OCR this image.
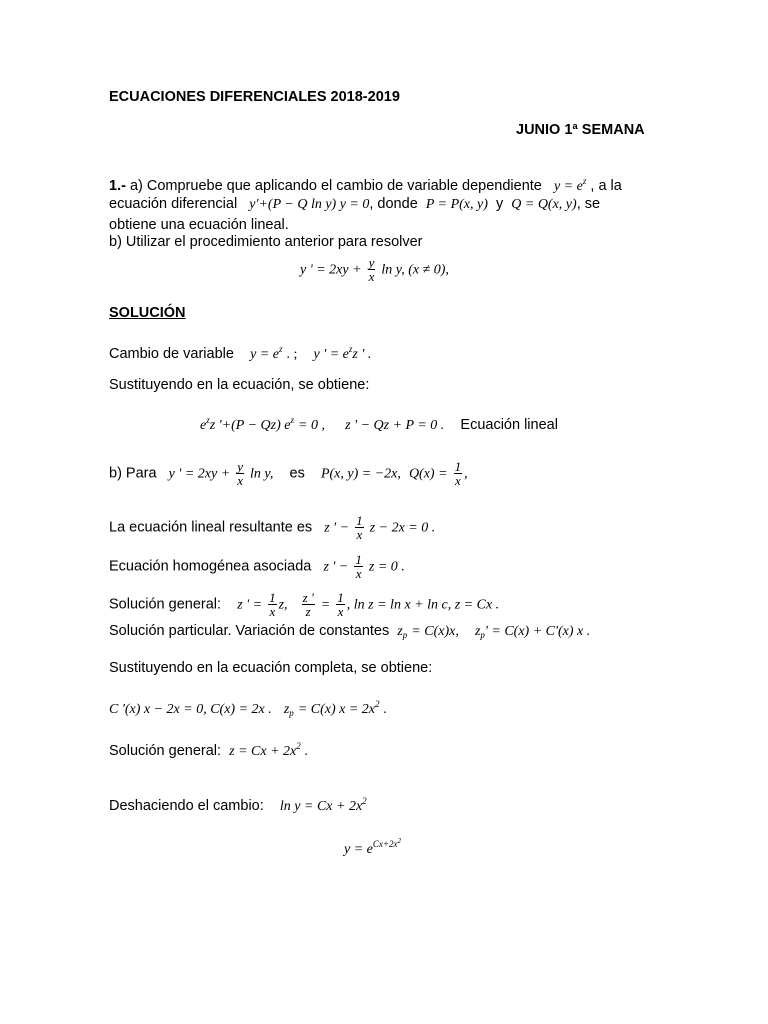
ECUACIONES DIFERENCIALES 2018-2019
JUNIO 1ª SEMANA
1.- a) Compruebe que aplicando el cambio de variable dependiente $y = e^z$ , a la
ecuación diferencial y'+(P − Q ln y) y = 0, donde P = P(x, y) y Q = Q(x, y), se
obtiene una ecuación lineal.
b) Utilizar el procedimiento anterior para resolver
y ' = $2xy + \frac{y}{x}$ ln y, (x ≠ 0),
SOLUCIÓN
Cambio de variable $y = e^z$ . ; y ' = $e^zz$ ' .
Sustituyendo en la ecuación, se obtiene:
$e^zz$ '+(P − Qz) $e^z = 0$ , z ' − Qz + P = 0 . Ecuación lineal
b) Para y ' = $2xy + \frac{y}{x}$ ln y, es P(x, y) = −2x, $Q(x) = \frac{1}{x}$ ,
La ecuación lineal resultante es z ' − $\frac{1}{x}$ z − 2x = 0 .
Ecuación homogénea asociada z ' − $\frac{1}{x}$ z = 0 .
Solución general: z ' = $\frac{1}{x} z$, $\frac{z '}{z} = \frac{1}{x}$ , ln z = ln x + ln c, z = Cx .
Solución particular. Variación de constantes $z_p = C(x)x$, $z_p' = C(x) + C'(x)$ x .
Sustituyendo en la ecuación completa, se obtiene:
C '(x) x − 2x = 0, C(x) = 2x . $z_p = C(x) x = 2x^2$ .
Solución general: $z = Cx + 2x^2$ .
Deshaciendo el cambio: $\ln y = Cx + 2x^2$
$y = e^{Cx+2x^2}$
